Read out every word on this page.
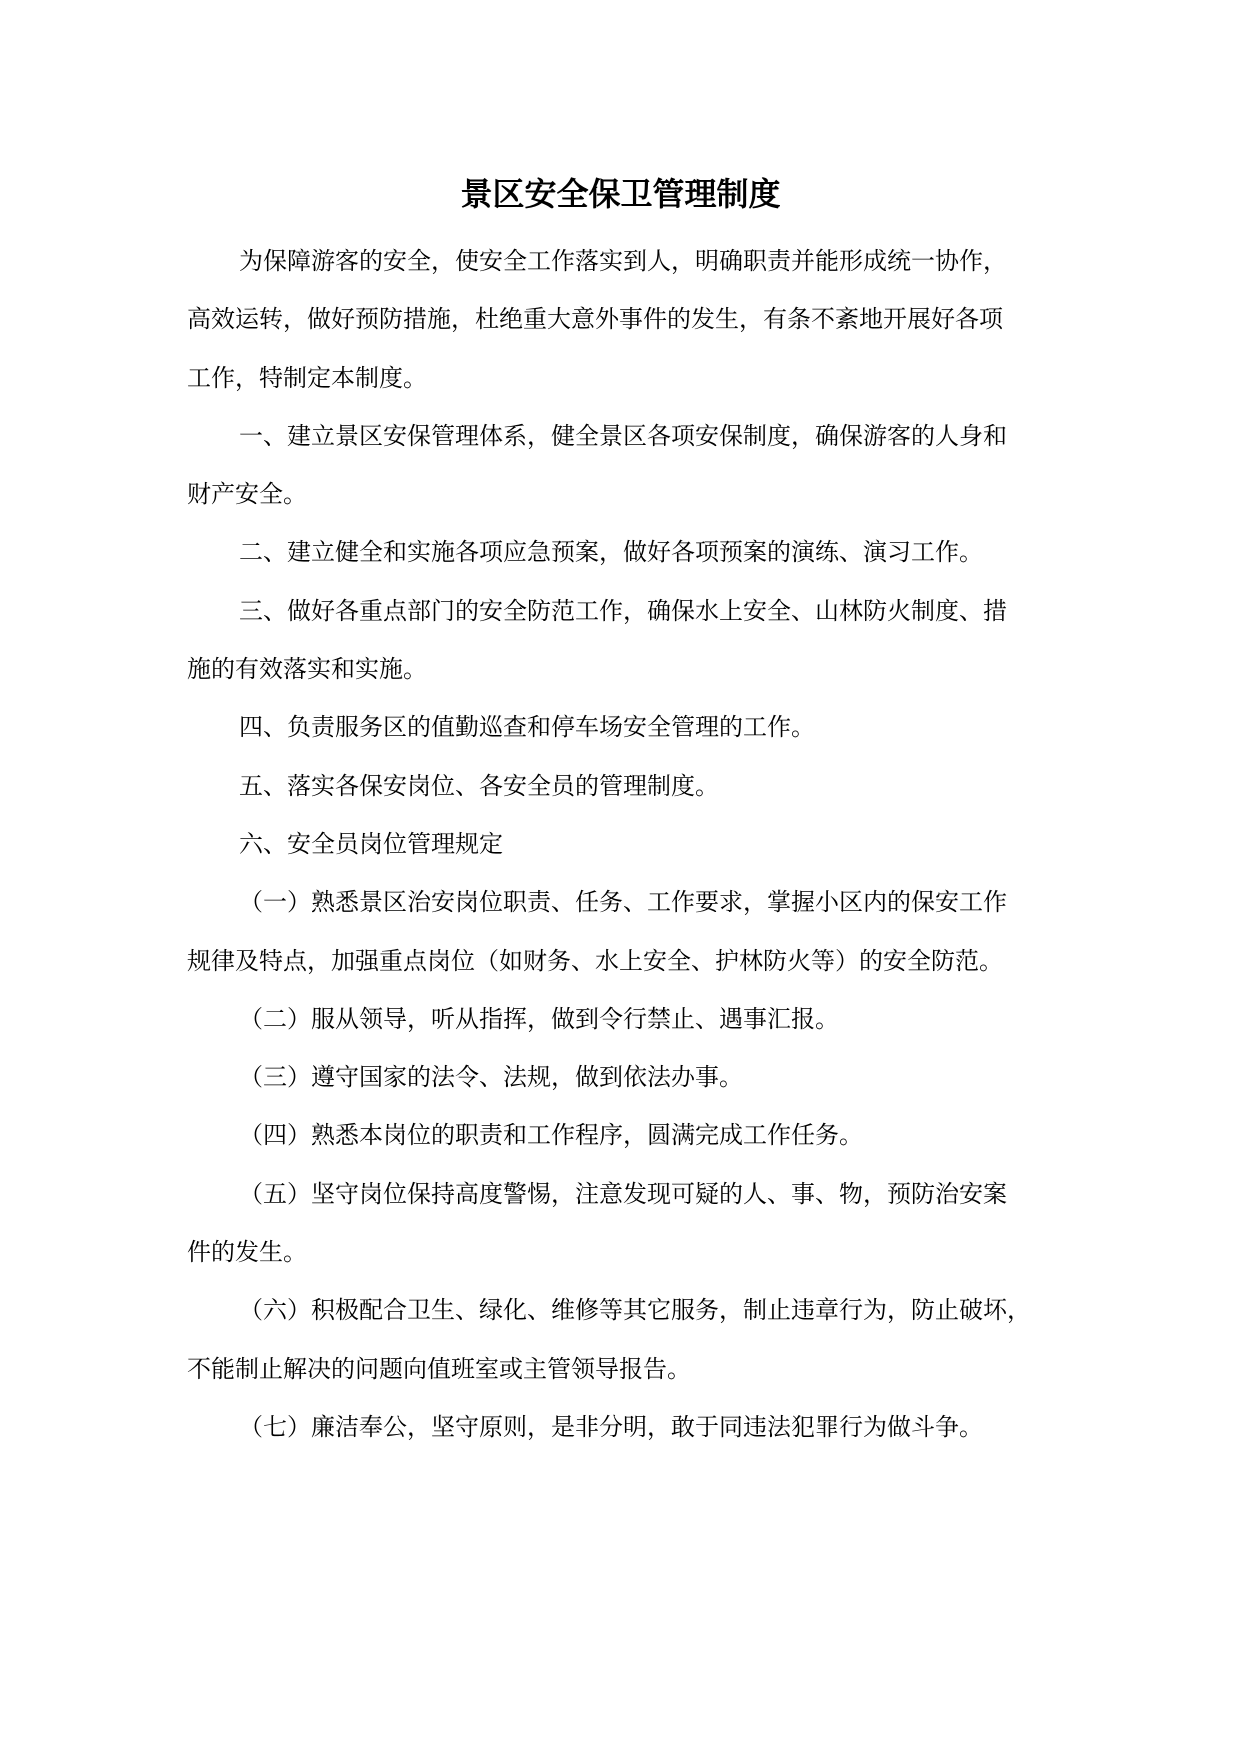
景区安全保卫管理制度
为保障游客的安全，使安全工作落实到人，明确职责并能形成统一协作，
高效运转，做好预防措施，杜绝重大意外事件的发生，有条不紊地开展好各项
工作，特制定本制度。
一、建立景区安保管理体系，健全景区各项安保制度，确保游客的人身和
财产安全。
二、建立健全和实施各项应急预案，做好各项预案的演练、演习工作。
三、做好各重点部门的安全防范工作，确保水上安全、山林防火制度、措
施的有效落实和实施。
四、负责服务区的值勤巡查和停车场安全管理的工作。
五、落实各保安岗位、各安全员的管理制度。
六、安全员岗位管理规定
（一）熟悉景区治安岗位职责、任务、工作要求，掌握小区内的保安工作
规律及特点，加强重点岗位（如财务、水上安全、护林防火等）的安全防范。
（二）服从领导，听从指挥，做到令行禁止、遇事汇报。
（三）遵守国家的法令、法规，做到依法办事。
（四）熟悉本岗位的职责和工作程序，圆满完成工作任务。
（五）坚守岗位保持高度警惕，注意发现可疑的人、事、物，预防治安案
件的发生。
（六）积极配合卫生、绿化、维修等其它服务，制止违章行为，防止破坏，
不能制止解决的问题向值班室或主管领导报告。
（七）廉洁奉公，坚守原则，是非分明，敢于同违法犯罪行为做斗争。
